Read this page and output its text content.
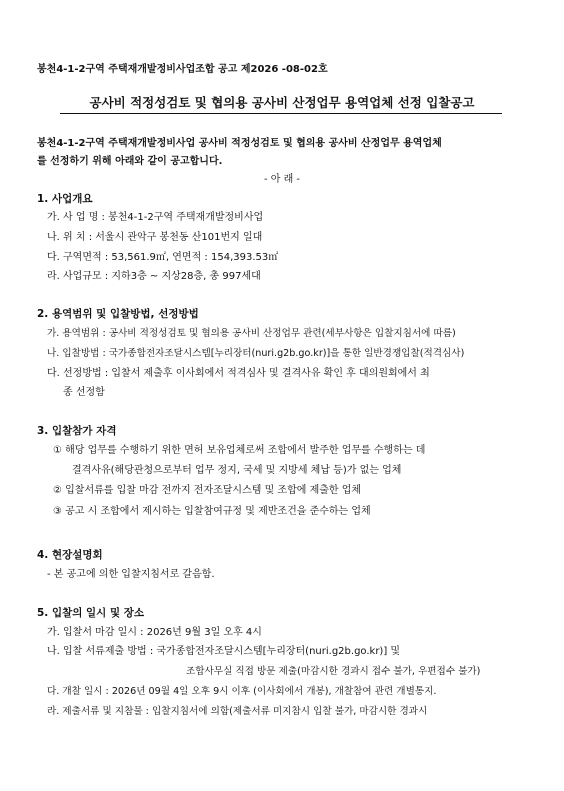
봉천4-1-2구역 주택재개발정비사업조합 공고 제2026 -08-02호
공사비 적정성검토 및 협의용 공사비 산정업무 용역업체 선정 입찰공고
봉천4-1-2구역 주택재개발정비사업 공사비 적정성검토 및 협의용 공사비 산정업무 용역업체
를 선정하기 위해 아래와 같이 공고합니다.
- 아 래 -
1. 사업개요
가. 사 업 명 : 봉천4-1-2구역 주택재개발정비사업
나. 위 치 : 서울시 관악구 봉천동 산101번지 일대
다. 구역면적 : 53,561.9㎡, 연면적 : 154,393.53㎡
라. 사업규모 : 지하3층 ~ 지상28층, 총 997세대
2. 용역범위 및 입찰방법, 선정방법
가. 용역범위 : 공사비 적정성검토 및 협의용 공사비 산정업무 관련(세부사항은 입찰지침서에 따름)
나. 입찰방법 : 국가종합전자조달시스템[누리장터(nuri.g2b.go.kr)]을 통한 일반경쟁입찰(적격심사)
다. 선정방법 : 입찰서 제출후 이사회에서 적격심사 및 결격사유 확인 후 대의원회에서 최
종 선정함
3. 입찰참가 자격
① 해당 업무를 수행하기 위한 면허 보유업체로써 조합에서 발주한 업무를 수행하는 데
결격사유(해당관청으로부터 업무 정지, 국세 및 지방세 체납 등)가 없는 업체
② 입찰서류를 입찰 마감 전까지 전자조달시스템 및 조합에 제출한 업체
③ 공고 시 조합에서 제시하는 입찰참여규정 및 제반조건을 준수하는 업체
4. 현장설명회
- 본 공고에 의한 입찰지침서로 갈음함.
5. 입찰의 일시 및 장소
가. 입찰서 마감 일시 : 2026년 9월 3일 오후 4시
나. 입찰 서류제출 방법 : 국가종합전자조달시스템[누리장터(nuri.g2b.go.kr)] 및
조합사무실 직접 방문 제출(마감시한 경과시 접수 불가, 우편접수 불가)
다. 개찰 일시 : 2026년 09월 4일 오후 9시 이후 (이사회에서 개봉), 개찰참여 관련 개별통지.
라. 제출서류 및 지참물 : 입찰지침서에 의함(제출서류 미지참시 입찰 불가, 마감시한 경과시
